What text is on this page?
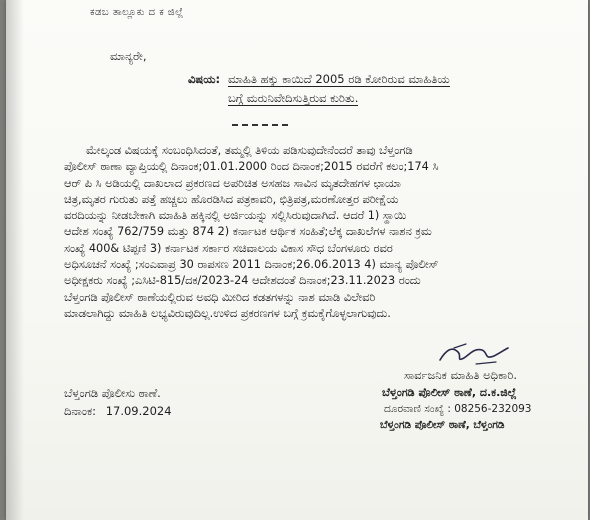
ಕಡಬ ತಾಲ್ಲೂಕು ದ ಕ ಜಿಲ್ಲೆ
ಮಾನ್ಯರೇ,
ವಿಷಯ: ಮಾಹಿತಿ ಹಕ್ಕು ಕಾಯಿದೆ 2005 ರಡಿ ಕೋರಿರುವ ಮಾಹಿತಿಯ
ಬಗ್ಗೆ ಮರುನಿವೇದಿಸುತ್ತಿರುವ ಕುರಿತು.
ಮೇಲ್ಕಂಡ ವಿಷಯಕ್ಕೆ ಸಂಬಂಧಿಸಿದಂತೆ, ತಮ್ಮಲ್ಲಿ ತಿಳಿಯ ಪಡಿಸುವುದೇನೆಂದರೆ ತಾವು ಬೆಳ್ತಂಗಡಿ
ಪೊಲೀಸ್ ಠಾಣಾ ವ್ಯಾಪ್ತಿಯಲ್ಲಿ ದಿನಾಂಕ;01.01.2000 ರಿಂದ ದಿನಾಂಕ;2015 ರವರೆಗೆ ಕಲಂ;174 ಸಿ
ಆರ್ ಪಿ ಸಿ ಅಡಿಯಲ್ಲಿ ದಾಖಲಾದ ಪ್ರಕರಣದ ಅಪರಿಚಿತ ಅಸಹಜ ಸಾವಿನ ಮೃತದೇಹಗಳ ಛಾಯಾ
ಚಿತ್ರ,ಮೃತರ ಗುರುತು ಪತ್ತೆ ಹಚ್ಚಲು ಹೊರಡಿಸಿದ ಪತ್ರಕಾವರಿ, ಛಿತ್ರಿಪತ್ರ,ಮರಣೋತ್ತರ ಪರೀಕ್ಷೆಯ
ವರದಿಯನ್ನು ನೀಡಬೇಕಾಗಿ ಮಾಹಿತಿ ಹಕ್ಕಿನಲ್ಲಿ ಅರ್ಜಿಯನ್ನು ಸಲ್ಲಿಸಿರುವುದಾಗಿದೆ. ಆದರೆ 1) ಸ್ಥಾಯಿ
ಆದೇಶ ಸಂಖ್ಯೆ 762/759 ಮತ್ತು 874 2) ಕರ್ನಾಟಕ ಆರ್ಥಿಕ ಸಂಹಿತೆ;ಲೆಕ್ಕ ದಾಖಲೆಗಳ ನಾಶನ ಕ್ರಮ
ಸಂಖ್ಯೆ 400& ಟಿಪ್ಪಣಿ 3) ಕರ್ನಾಟಕ ಸರ್ಕಾರ ಸಚಿವಾಲಯ ವಿಕಾಸ ಸೌಧ ಬೆಂಗಳೂರು ರವರ
ಅಧಿಸೂಚನೆ ಸಂಖ್ಯೆ ;ಸಂಎವಾಪ್ರ 30 ರಾಪಸಣ 2011 ದಿನಾಂಕ;26.06.2013 4) ಮಾನ್ಯ ಪೊಲೀಸ್
ಅಧೀಕ್ಷಕರು ಸಂಖ್ಯೆ ;ಎಸಿಟಿ-815/ದಕ/2023-24 ಆದೇಶದಂತೆ ದಿನಾಂಕ;23.11.2023 ರಂದು
ಬೆಳ್ತಂಗಡಿ ಪೊಲೀಸ್ ಠಾಣೆಯಲ್ಲಿರುವ ಅವಧಿ ಮೀರಿದ ಕಡತಗಳನ್ನು ನಾಶ ಮಾಡಿ ವಿಲೇವರಿ
ಮಾಡಲಾಗಿದ್ದು ಮಾಹಿತಿ ಲಭ್ಯವಿರುವುದಿಲ್ಲ.ಉಳಿದ ಪ್ರಕರಣಗಳ ಬಗ್ಗೆ ಕ್ರಮಕೈಗೊಳ್ಳಲಾಗುವುದು.
ಸಾರ್ವಜನಿಕ ಮಾಹಿತಿ ಅಧಿಕಾರಿ.
ಬೆಳ್ತಂಗಡಿ ಪೊಲೀಸ್ ಠಾಣೆ, ದ.ಕ.ಜಿಲ್ಲೆ
ದೂರವಾಣಿ ಸಂಖ್ಯೆ : 08256-232093
ಬೆಳ್ತಂಗಡಿ ಪೊಲೀಸ್ ಠಾಣೆ, ಬೆಳ್ತಂಗಡಿ
ಬೆಳ್ತಂಗಡಿ ಪೊಲೀಸು ಠಾಣೆ.
ದಿನಾಂಕ: 17.09.2024
